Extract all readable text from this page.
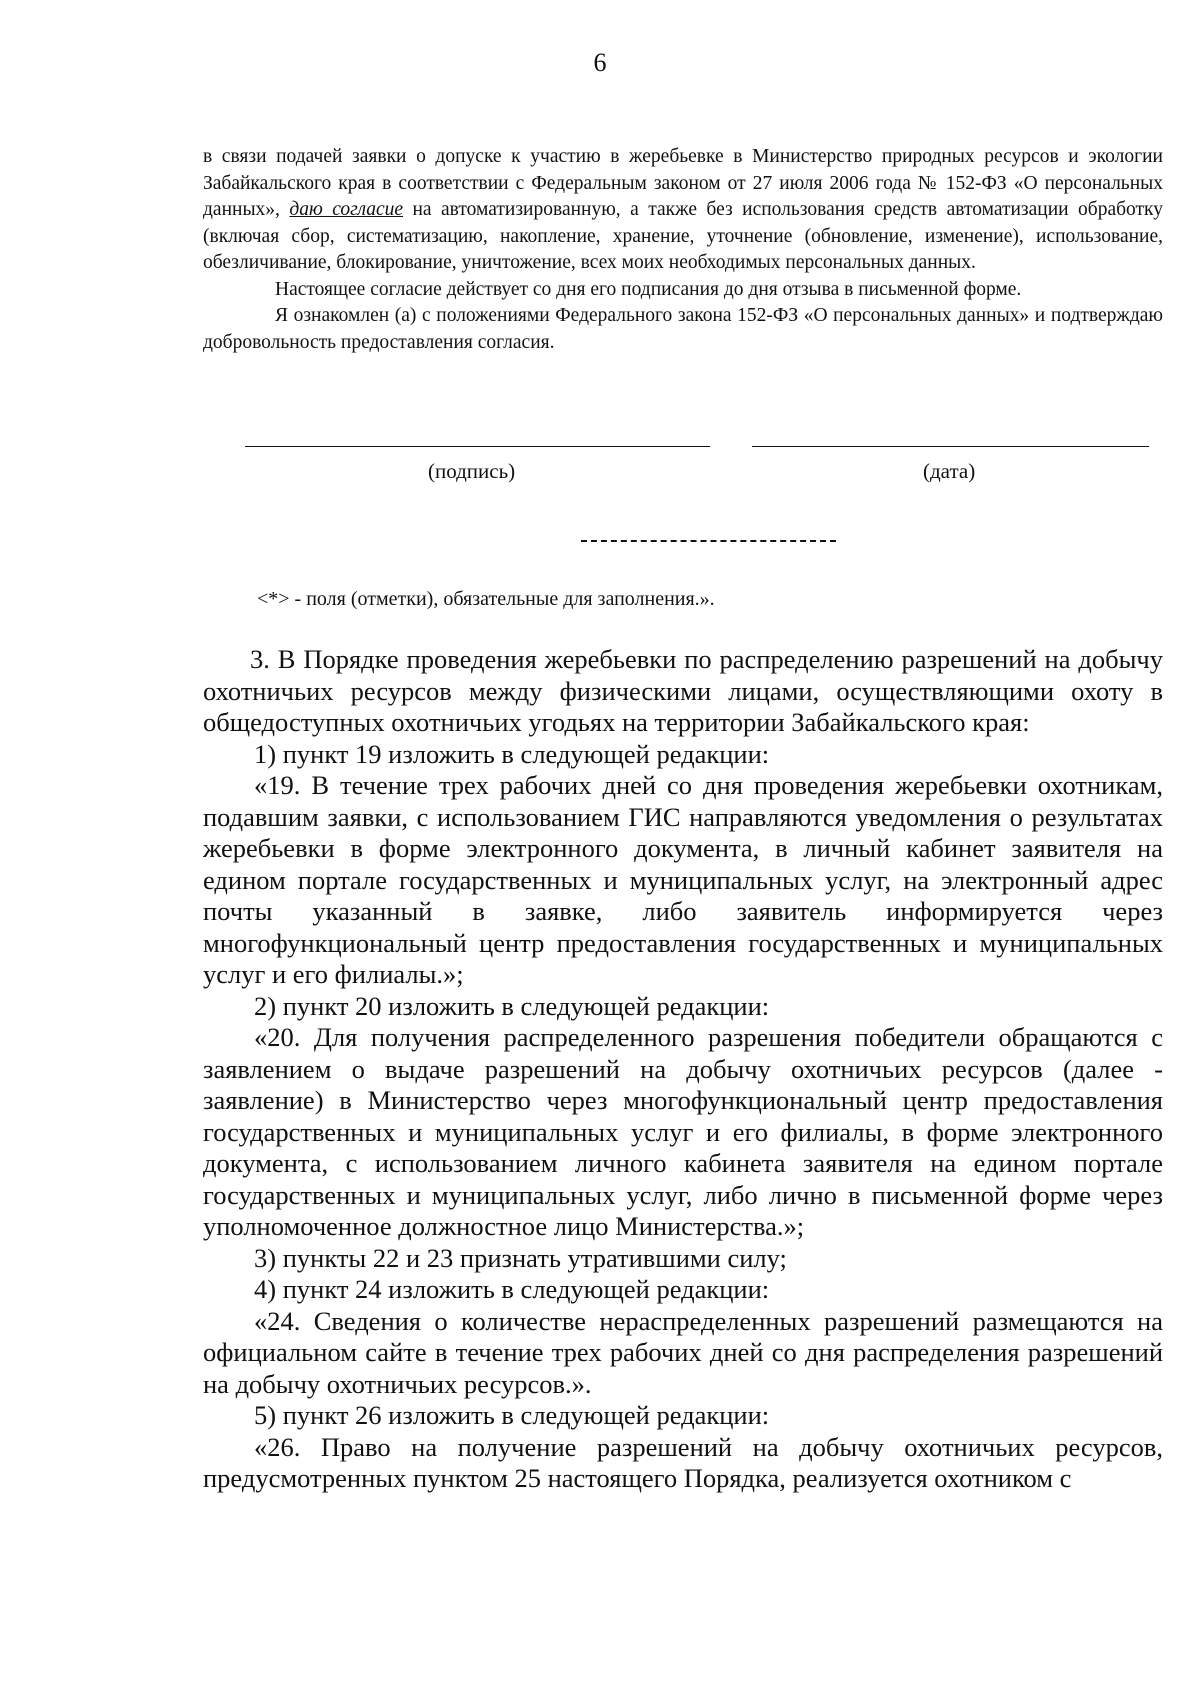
6

в связи подачей заявки о допуске к участию в жеребьевке в Министерство природных ресурсов и экологии Забайкальского края в соответствии с Федеральным законом от 27 июля 2006 года № 152-ФЗ «О персональных данных», даю согласие на автоматизированную, а также без использования средств автоматизации обработку (включая сбор, систематизацию, накопление, хранение, уточнение (обновление, изменение), использование, обезличивание, блокирование, уничтожение, всех моих необходимых персональных данных.

Настоящее согласие действует со дня его подписания до дня отзыва в письменной форме.

Я ознакомлен (а) с положениями Федерального закона 152-ФЗ «О персональных данных» и подтверждаю добровольность предоставления согласия.

(подпись)	(дата)
<*> - поля (отметки), обязательные для заполнения.».

3. В Порядке проведения жеребьевки по распределению разрешений на добычу охотничьих ресурсов между физическими лицами, осуществляющими охоту в общедоступных охотничьих угодьях на территории Забайкальского края:

1) пункт 19 изложить в следующей редакции:

«19. В течение трех рабочих дней со дня проведения жеребьевки охотникам, подавшим заявки, с использованием ГИС направляются уведомления о результатах жеребьевки в форме электронного документа, в личный кабинет заявителя на едином портале государственных и муниципальных услуг, на электронный адрес почты указанный в заявке, либо заявитель информируется через многофункциональный центр предоставления государственных и муниципальных услуг и его филиалы.»;

2) пункт 20 изложить в следующей редакции:

«20. Для получения распределенного разрешения победители обращаются с заявлением о выдаче разрешений на добычу охотничьих ресурсов (далее - заявление) в Министерство через многофункциональный центр предоставления государственных и муниципальных услуг и его филиалы, в форме электронного документа, с использованием личного кабинета заявителя на едином портале государственных и муниципальных услуг, либо лично в письменной форме через уполномоченное должностное лицо Министерства.»;

3) пункты 22 и 23 признать утратившими силу;

4) пункт 24 изложить в следующей редакции:

«24. Сведения о количестве нераспределенных разрешений размещаются на официальном сайте в течение трех рабочих дней со дня распределения разрешений на добычу охотничьих ресурсов.».

5) пункт 26 изложить в следующей редакции:

«26. Право на получение разрешений на добычу охотничьих ресурсов, предусмотренных пунктом 25 настоящего Порядка, реализуется охотником с
